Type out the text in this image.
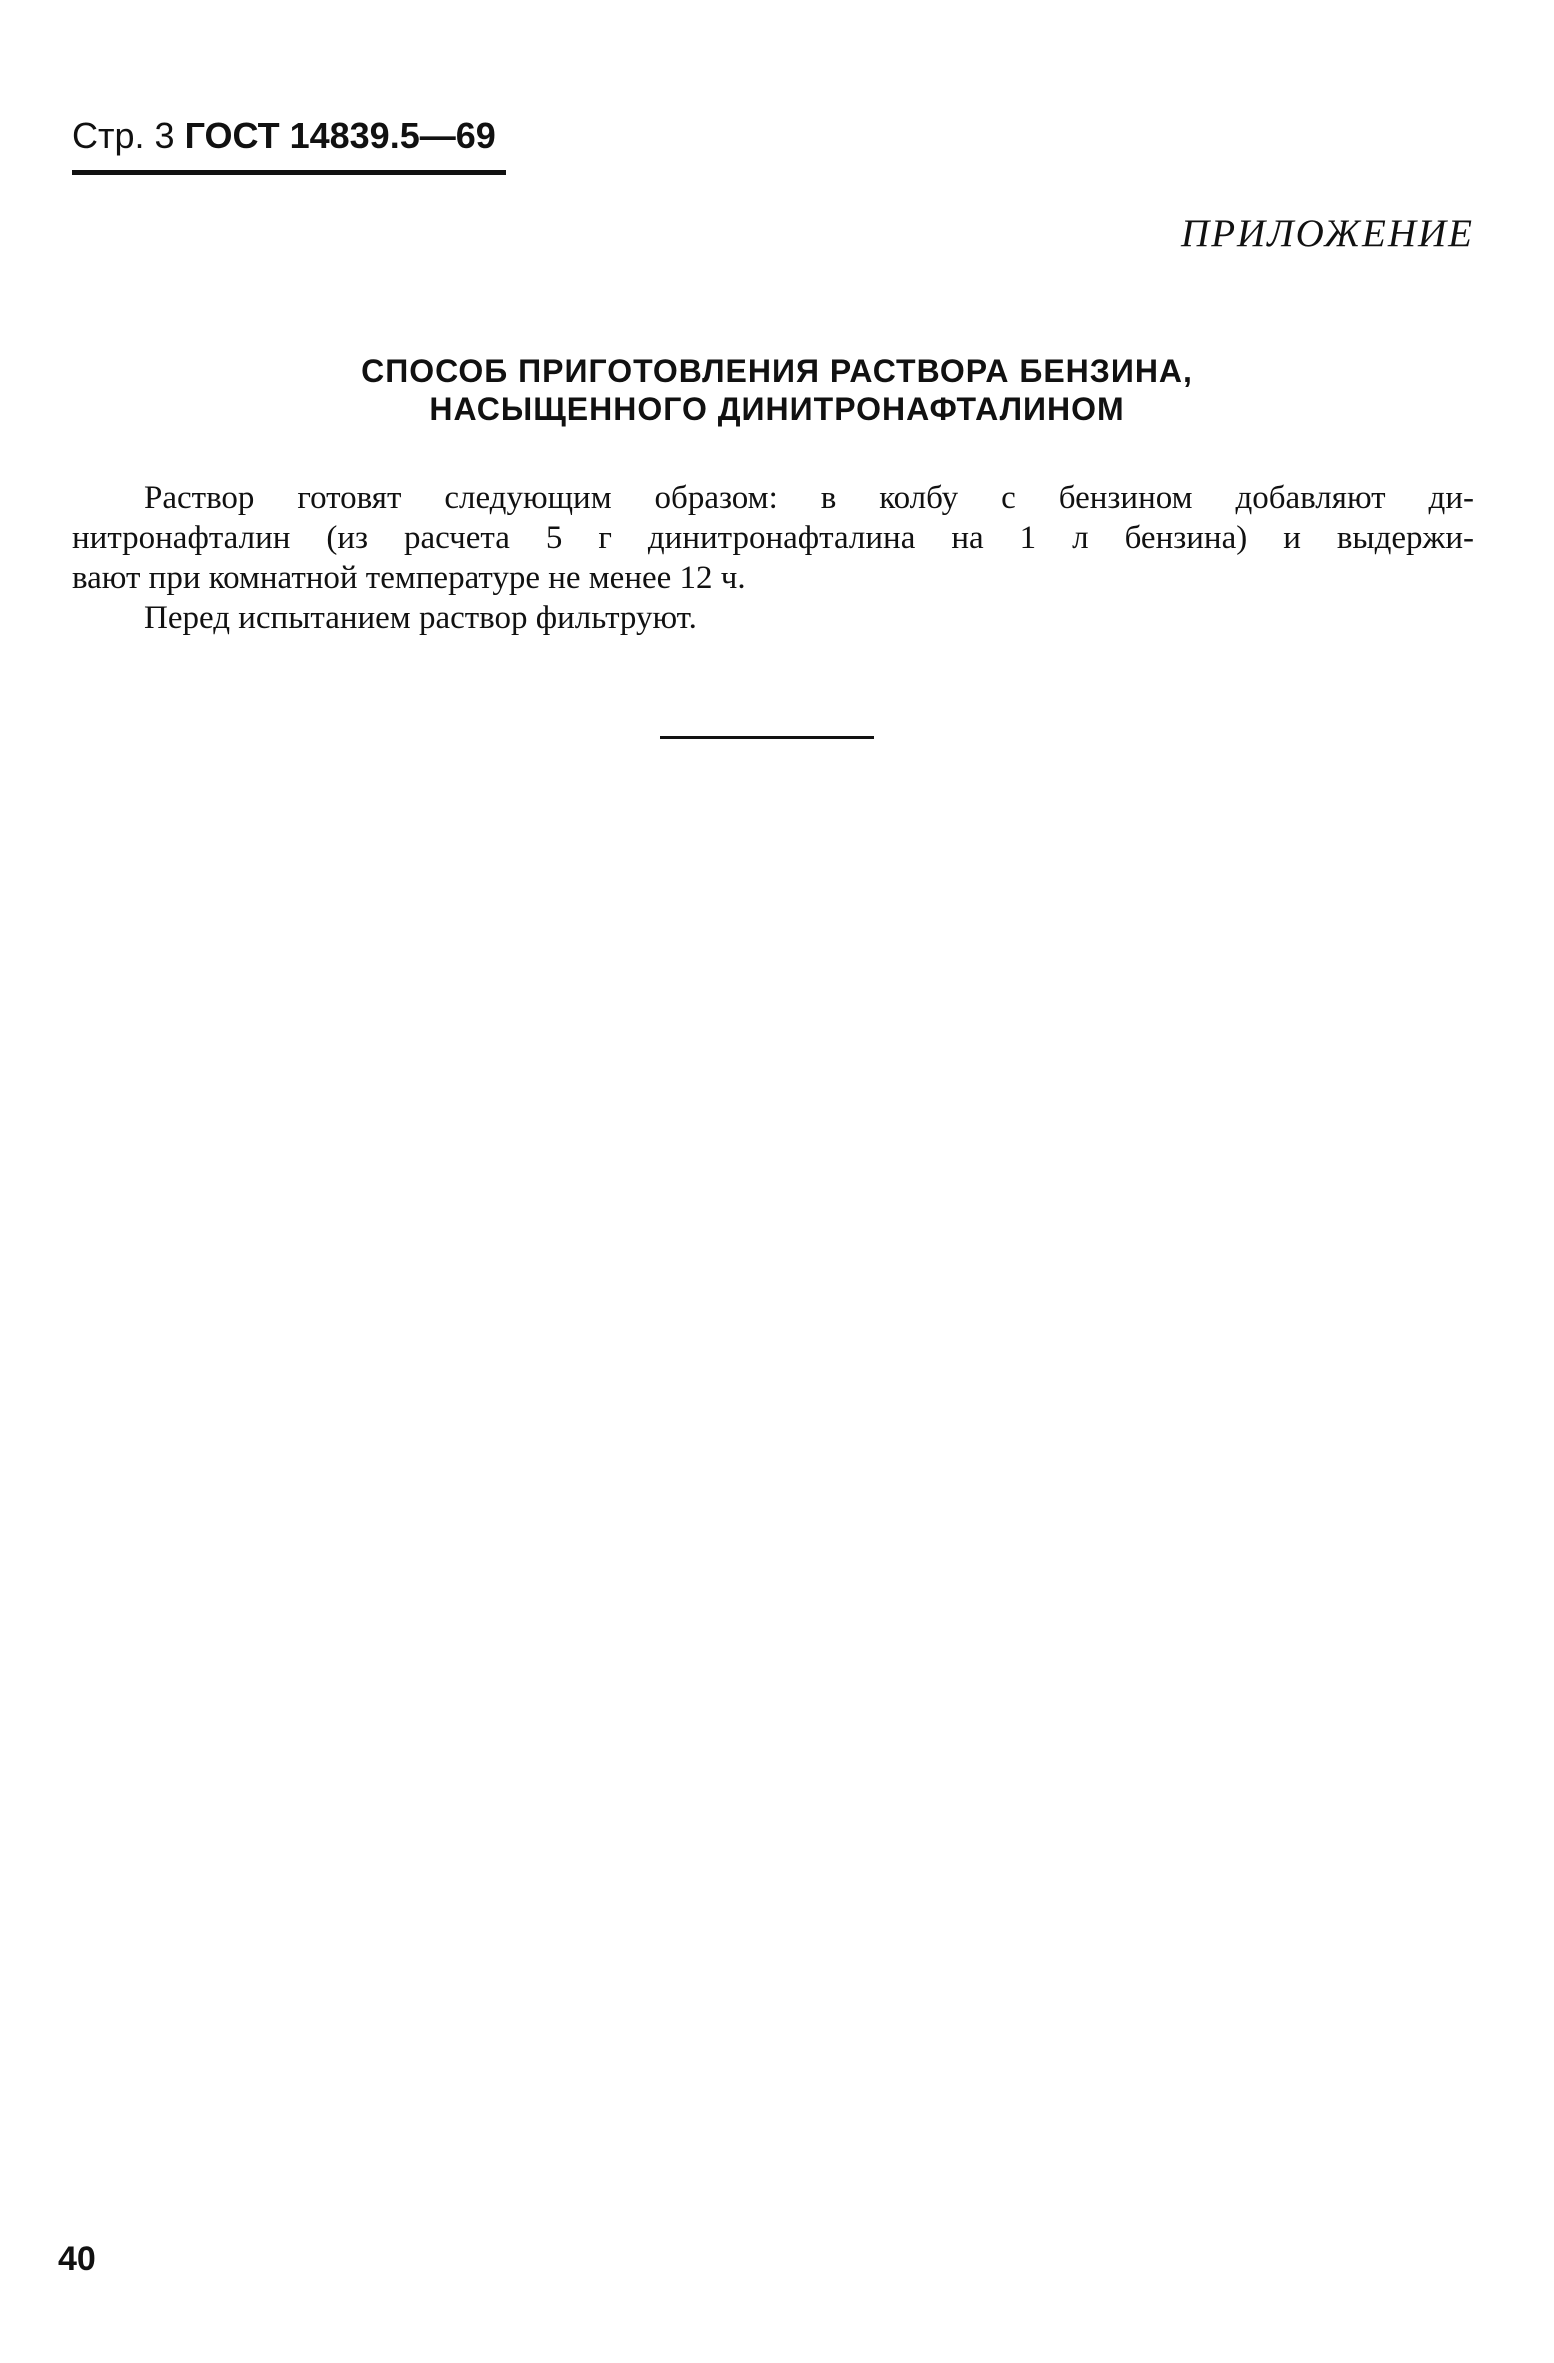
Стр. 3 ГОСТ 14839.5—69
ПРИЛОЖЕНИЕ
СПОСОБ ПРИГОТОВЛЕНИЯ РАСТВОРА БЕНЗИНА,
НАСЫЩЕННОГО ДИНИТРОНАФТАЛИНОМ
Раствор готовят следующим образом: в колбу с бензином добавляют ди-
нитронафталин (из расчета 5 г динитронафталина на 1 л бензина) и выдержи-
вают при комнатной температуре не менее 12 ч.
Перед испытанием раствор фильтруют.
40
